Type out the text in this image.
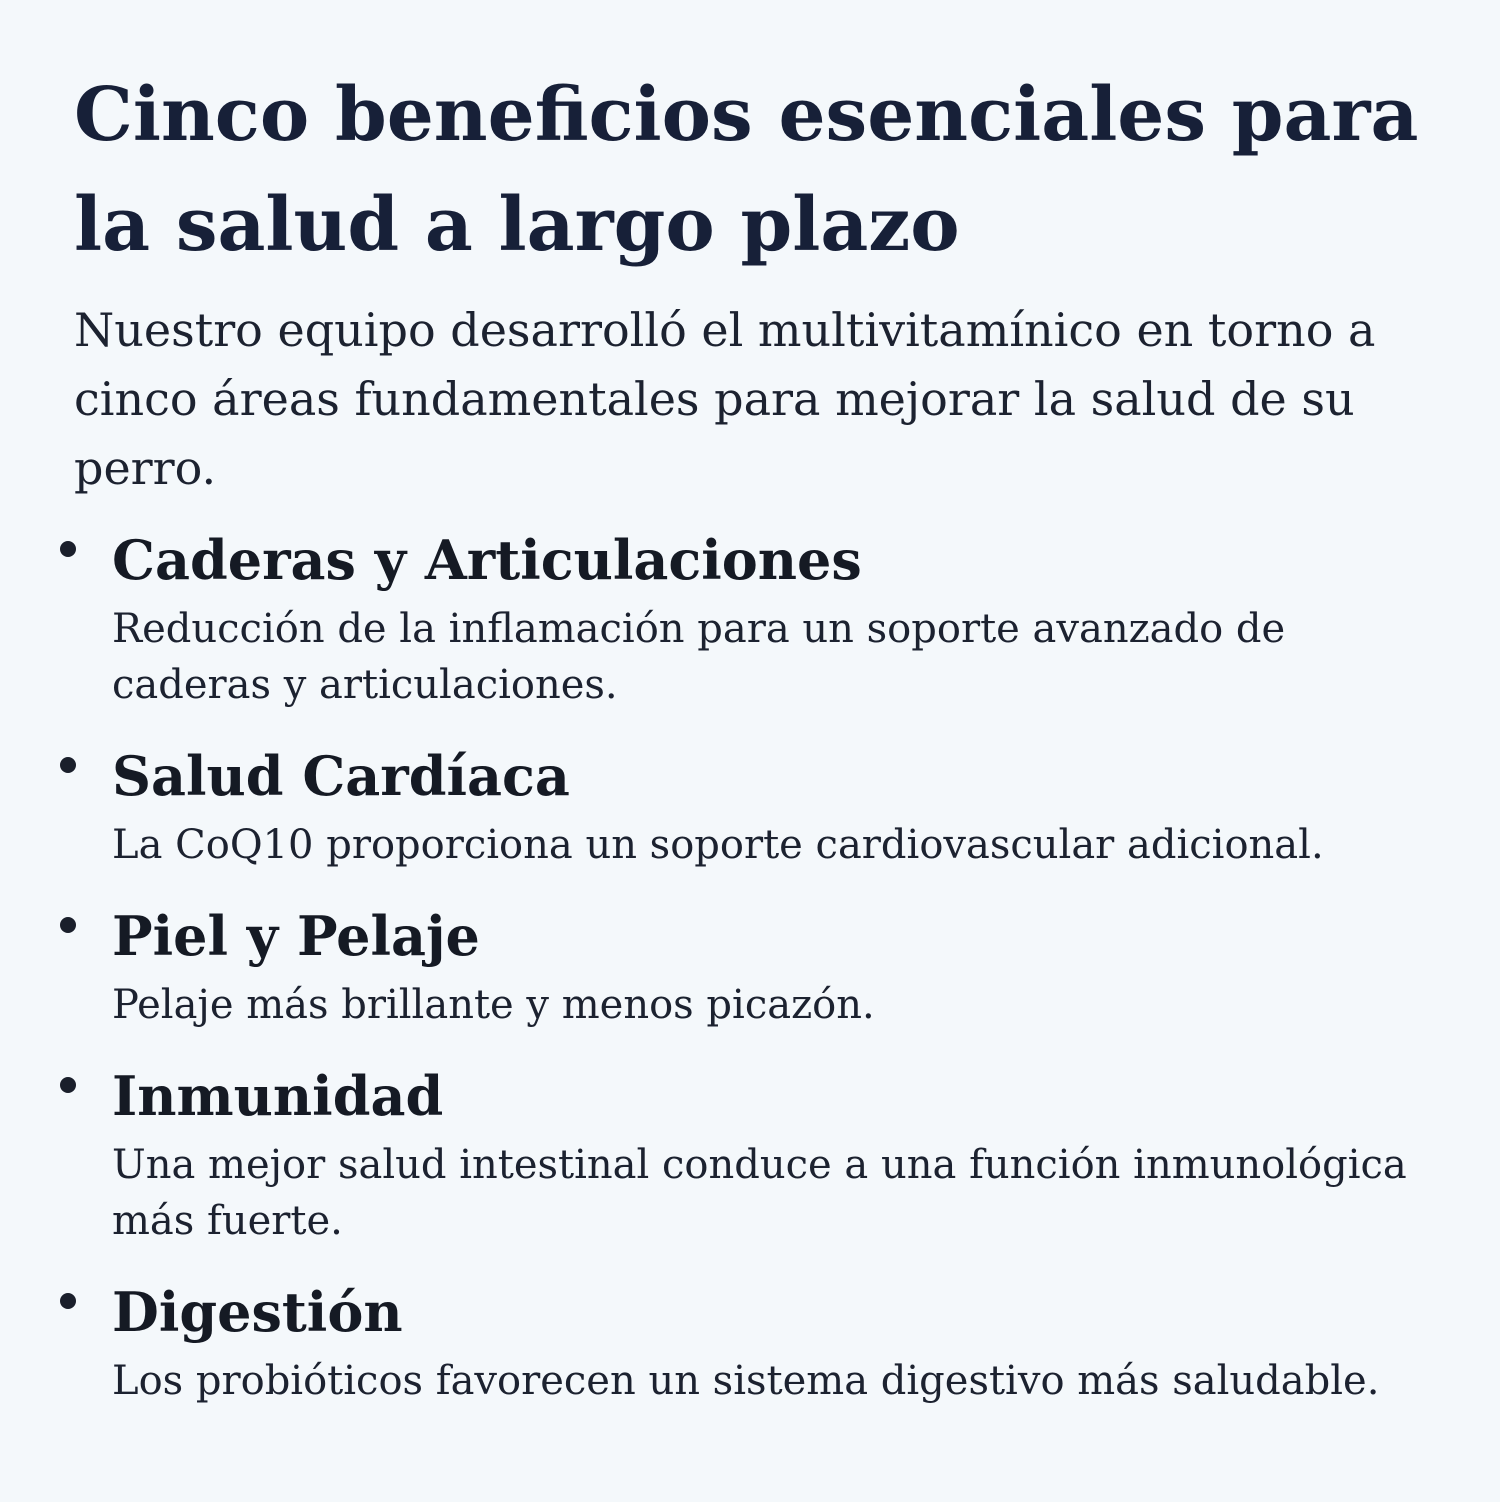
Cinco beneficios esenciales para la salud a largo plazo

Nuestro equipo desarrolló el multivitamínico en torno a cinco áreas fundamentales para mejorar la salud de su perro.

Caderas y Articulaciones
Reducción de la inflamación para un soporte avanzado de caderas y articulaciones.
Salud Cardíaca
La CoQ10 proporciona un soporte cardiovascular adicional.
Piel y Pelaje
Pelaje más brillante y menos picazón.
Inmunidad
Una mejor salud intestinal conduce a una función inmunológica más fuerte.
Digestión
Los probióticos favorecen un sistema digestivo más saludable.
